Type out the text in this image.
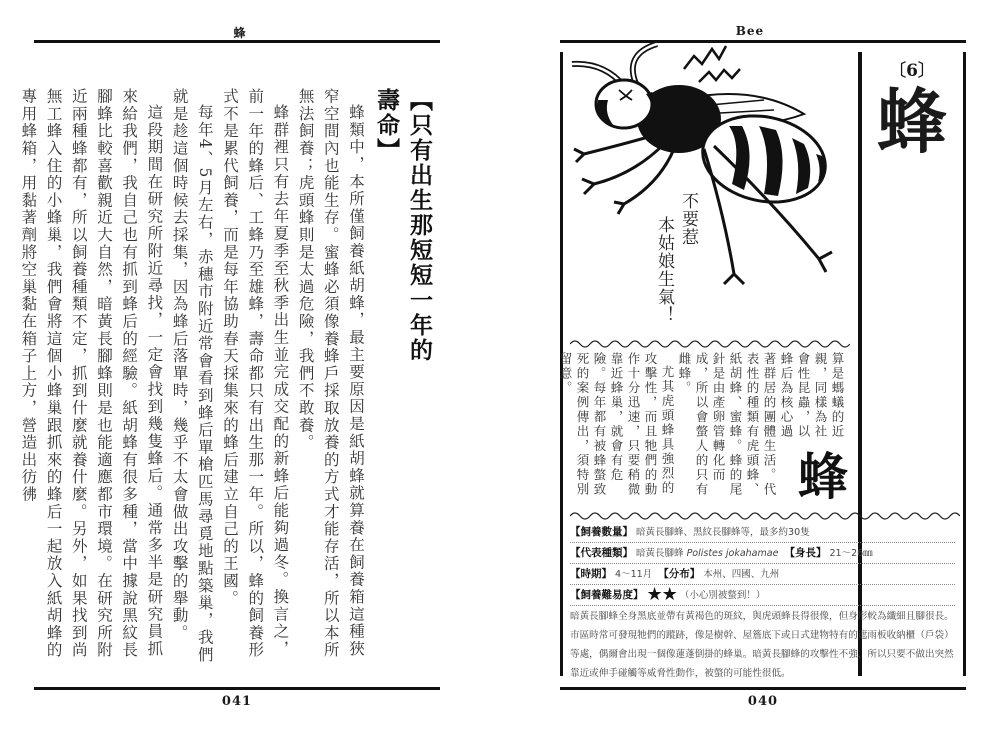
蜂
【只有出生那短短一年的壽命】

蜂類中，本所僅飼養紙胡蜂，最主要原因是紙胡蜂就算養在飼養箱這種狹窄空間內也能生存。蜜蜂必須像養蜂戶採取放養的方式才能存活，所以本所無法飼養；虎頭蜂則是太過危險，我們不敢養。

蜂群裡只有去年夏季至秋季出生並完成交配的新蜂后能夠過冬。換言之，前一年的蜂后、工蜂乃至雄蜂，壽命都只有出生那一年。所以，蜂的飼養形式不是累代飼養，而是每年協助春天採集來的蜂后建立自己的王國。

每年4、5月左右，赤穗市附近常會看到蜂后單槍匹馬尋覓地點築巢，我們就是趁這個時候去採集，因為蜂后落單時，幾乎不太會做出攻擊的舉動。

這段期間在研究所附近尋找，一定會找到幾隻蜂后。通常多半是研究員抓來給我們，我自己也有抓到蜂后的經驗。紙胡蜂有很多種，當中據說黑紋長腳蜂比較喜歡親近大自然，暗黃長腳蜂則是也能適應都市環境。在研究所附近兩種蜂都有，所以飼養種類不定，抓到什麼就養什麼。另外，如果找到尚無工蜂入住的小蜂巢，我們會將這個小蜂巢跟抓來的蜂后一起放入紙胡蜂的專用蜂箱，用黏著劑將空巢黏在箱子上方，營造出彷彿

041
Bee
〔6〕
蜂
不要惹
本姑娘生氣！
蜂

算是螞蟻的近親，同樣為社會性昆蟲，以蜂后為核心過著群居的團體生活。代表性的種類有虎頭蜂、紙胡蜂、蜜蜂。蜂的尾針是由產卵管轉化而成，所以會螫人的只有雌蜂。

尤其虎頭蜂具強烈的攻擊性，而且牠們的動作十分迅速，只要稍微靠近蜂巢，就會有危險。每年都有被蜂螫致死的案例傳出，須特別留意。

【飼養數量】 暗黃長腳蜂、黑紋長腳蜂等，最多約30隻
【代表種類】 暗黃長腳蜂 Polistes jokahamae 【身長】 21～26㎜
【時期】 4～11月 【分布】 本州、四國、九州
【飼養難易度】 ★★ （小心別被螫到！）
暗黃長腳蜂全身黑底並帶有黃褐色的斑紋，與虎頭蜂長得很像，但身形較為纖細且腳很長。市區時常可發現牠們的蹤跡，像是樹幹、屋簷底下或日式建物特有的遮雨板收納櫃（戶袋）等處，偶爾會出現一個像蓮蓬倒掛的蜂巢。暗黃長腳蜂的攻擊性不強，所以只要不做出突然靠近或伸手碰觸等威脅性動作，被螫的可能性很低。
040
